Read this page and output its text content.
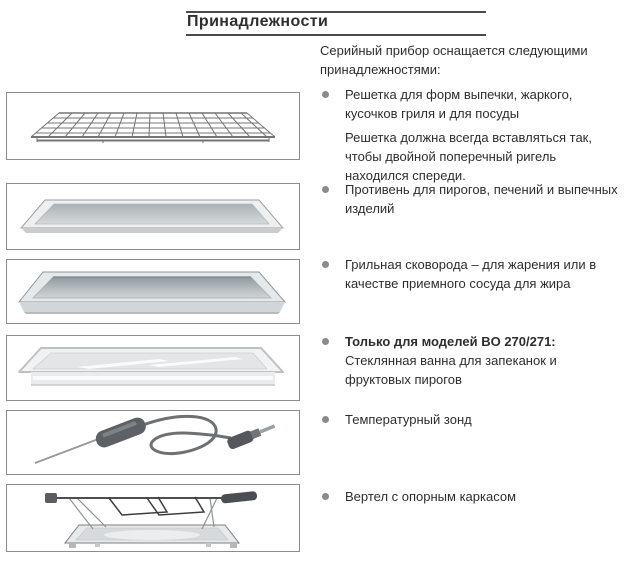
Принадлежности
Серийный прибор оснащается следующими
принадлежностями:
Решетка для форм выпечки, жаркого,
кусочков гриля и для посуды
Решетка должна всегда вставляться так,
чтобы двойной поперечный ригель
находился спереди.
Противень для пирогов, печений и выпечных
изделий
Грильная сковорода – для жарения или в
качестве приемного сосуда для жира
Только для моделей BO 270/271:
Стеклянная ванна для запеканок и
фруктовых пирогов
Температурный зонд
Вертел с опорным каркасом
